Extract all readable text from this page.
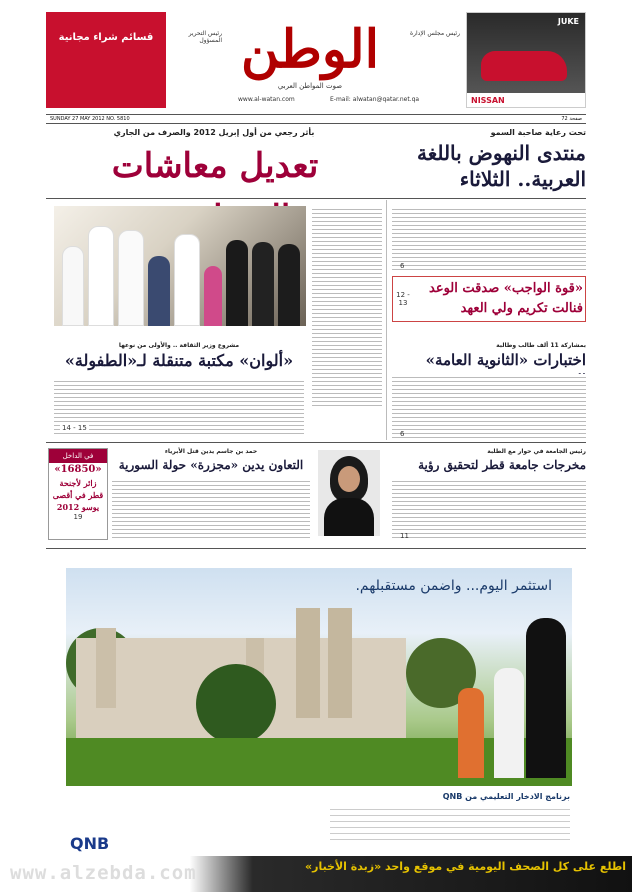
قسائم شراء مجانية
JUKE
NISSAN
الوطن
صوت المواطن العربي
رئيس مجلس الإدارة
رئيس التحرير المسؤول
www.al-watan.com	E-mail: alwatan@qatar.net.qa
SUNDAY 27 MAY 2012 NO. 5810	72 صفحة
بأثر رجعي من أول إبريل 2012 والصرف من الجاري
تعديل معاشات
تحت رعاية صاحبة السمو
منتدى النهوض باللغة العربية.. الثلاثاء
6
«قوة الواجب» صدقت الوعد فنالت تكريم ولي العهد
12 - 13
بمشاركة 11 ألف طالب وطالبة
اختبارات «الثانوية العامة»
6
مشروع وزير الثقافة .. والأولى من نوعها
«ألوان» مكتبة متنقلة لـ«الطفولة»
14 - 15
في الداخل
«16850»
زائر لأجنحة
قطر في أقصى
يوسو 2012
19
حمد بن جاسم يدين قتل الأبرياء
التعاون يدين «مجزرة» حولة السورية
رئيس الجامعة في حوار مع الطلبة
مخرجات جامعة قطر لتحقيق رؤية
11
استثمر اليوم... واضمن مستقبلهم.
برنامج الادخار التعليمي من QNB
QNB
www.alzebda.com	اطلع على كل الصحف اليومية في موقع واحد «زبدة الأخبار»
